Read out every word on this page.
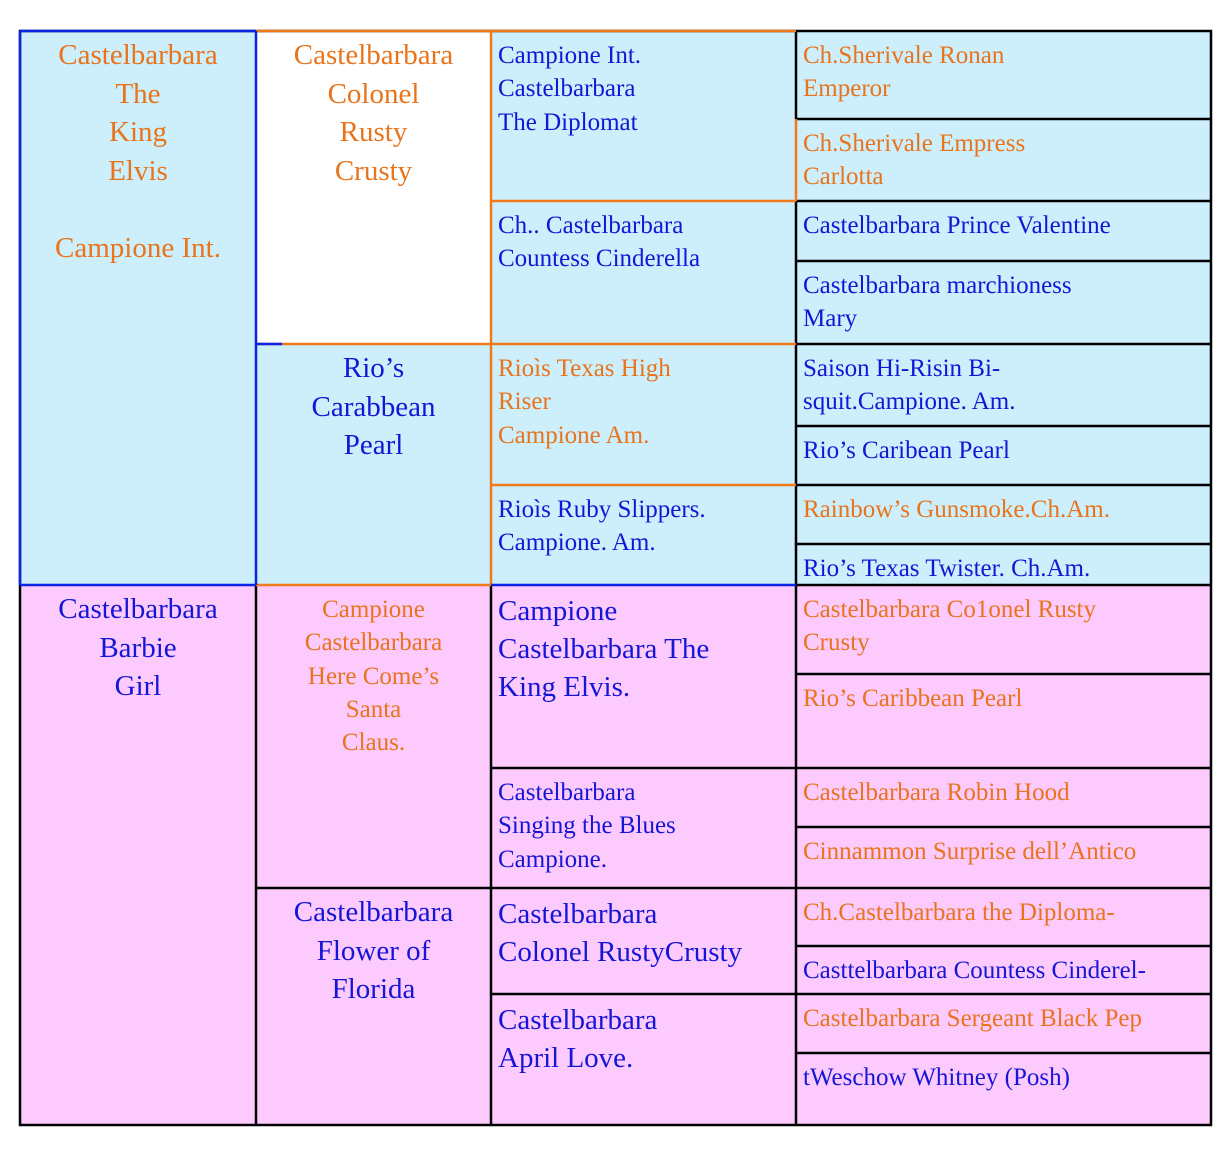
Castelbarbara
The
King
Elvis

Campione Int.
Castelbarbara
Barbie
Girl
Castelbarbara
Colonel
Rusty
Crusty
Rio’s
Carabbean
Pearl
Campione
Castelbarbara
Here Come’s
Santa
Claus.
Castelbarbara
Flower of
Florida
Campione Int.
Castelbarbara
The Diplomat
Ch.. Castelbarbara
Countess Cinderella
Rioìs Texas High
Riser
Campione Am.
Rioìs Ruby Slippers.
Campione. Am.
Campione
Castelbarbara The
King Elvis.
Castelbarbara
Singing the Blues
Campione.
Castelbarbara
Colonel RustyCrusty
Castelbarbara
April Love.
Ch.Sherivale Ronan
Emperor
Ch.Sherivale Empress
Carlotta
Castelbarbara Prince Valentine
Castelbarbara marchioness
Mary
Saison Hi-Risin Bi-
squit.Campione. Am.
Rio’s Caribean Pearl
Rainbow’s Gunsmoke.Ch.Am.
Rio’s Texas Twister. Ch.Am.
Castelbarbara Co1onel Rusty
Crusty
Rio’s Caribbean Pearl
Castelbarbara Robin Hood
Cinnammon Surprise dell’Antico
Ch.Castelbarbara the Diploma-
Casttelbarbara Countess Cinderel-
Castelbarbara Sergeant Black Pep
tWeschow Whitney (Posh)
